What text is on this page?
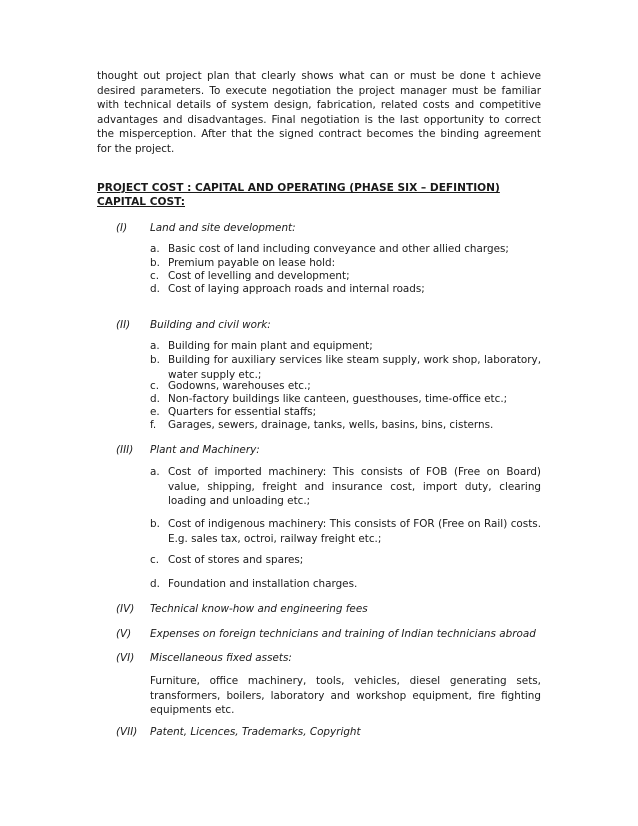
thought out project plan that clearly shows what can or must be done t achieve desired parameters. To execute negotiation the project manager must be familiar with technical details of system design, fabrication, related costs and competitive advantages and disadvantages. Final negotiation is the last opportunity to correct the misperception. After that the signed contract becomes the binding agreement for the project.
PROJECT COST : CAPITAL AND OPERATING (PHASE SIX – DEFINTION)
CAPITAL COST:
(I) Land and site development:
a. Basic cost of land including conveyance and other allied charges;
b. Premium payable on lease hold:
c. Cost of levelling and development;
d. Cost of laying approach roads and internal roads;
(II) Building and civil work:
a. Building for main plant and equipment;
b. Building for auxiliary services like steam supply, work shop, laboratory, water supply etc.;
c. Godowns, warehouses etc.;
d. Non-factory buildings like canteen, guesthouses, time-office etc.;
e. Quarters for essential staffs;
f. Garages, sewers, drainage, tanks, wells, basins, bins, cisterns.
(III) Plant and Machinery:
a. Cost of imported machinery: This consists of FOB (Free on Board) value, shipping, freight and insurance cost, import duty, clearing loading and unloading etc.;
b. Cost of indigenous machinery: This consists of FOR (Free on Rail) costs. E.g. sales tax, octroi, railway freight etc.;
c. Cost of stores and spares;
d. Foundation and installation charges.
(IV) Technical know-how and engineering fees
(V) Expenses on foreign technicians and training of Indian technicians abroad
(VI) Miscellaneous fixed assets:
Furniture, office machinery, tools, vehicles, diesel generating sets, transformers, boilers, laboratory and workshop equipment, fire fighting equipments etc.
(VII) Patent, Licences, Trademarks, Copyright
